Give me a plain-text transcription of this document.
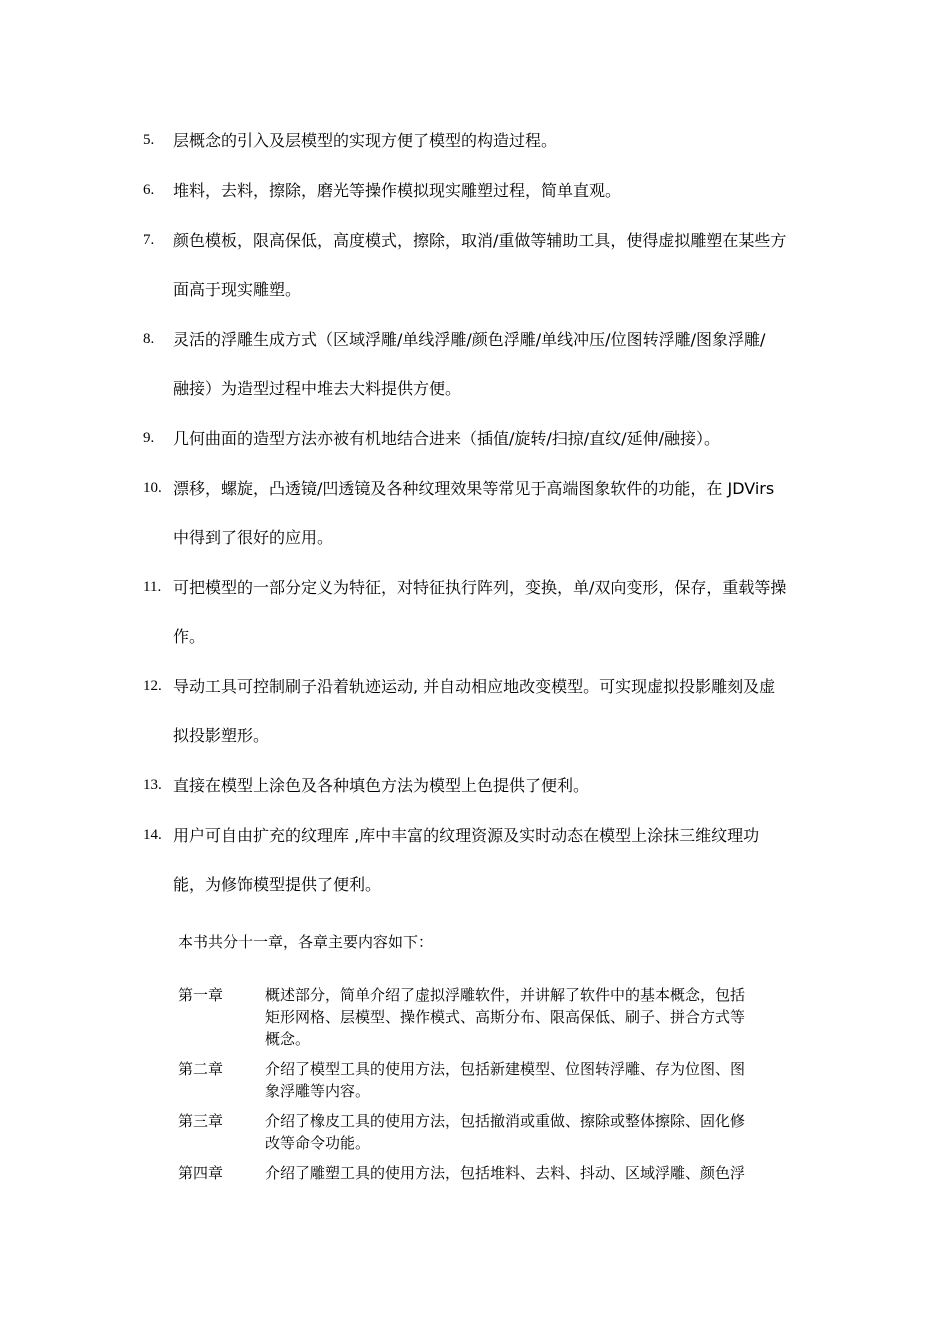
5. 层概念的引入及层模型的实现方便了模型的构造过程。
6. 堆料，去料，擦除，磨光等操作模拟现实雕塑过程，简单直观。
7. 颜色模板，限高保低，高度模式，擦除，取消/重做等辅助工具，使得虚拟雕塑在某些方
面高于现实雕塑。
8. 灵活的浮雕生成方式（区域浮雕/单线浮雕/颜色浮雕/单线冲压/位图转浮雕/图象浮雕/
融接）为造型过程中堆去大料提供方便。
9. 几何曲面的造型方法亦被有机地结合进来（插值/旋转/扫掠/直纹/延伸/融接）。
10. 漂移，螺旋，凸透镜/凹透镜及各种纹理效果等常见于高端图象软件的功能，在 JDVirs
中得到了很好的应用。
11. 可把模型的一部分定义为特征，对特征执行阵列，变换，单/双向变形，保存，重载等操
作。
12. 导动工具可控制刷子沿着轨迹运动, 并自动相应地改变模型。可实现虚拟投影雕刻及虚
拟投影塑形。
13. 直接在模型上涂色及各种填色方法为模型上色提供了便利。
14. 用户可自由扩充的纹理库 ,库中丰富的纹理资源及实时动态在模型上涂抹三维纹理功
能，为修饰模型提供了便利。
本书共分十一章，各章主要内容如下：
第一章	概述部分，简单介绍了虚拟浮雕软件，并讲解了软件中的基本概念，包括
矩形网格、层模型、操作模式、高斯分布、限高保低、刷子、拼合方式等
概念。
第二章	介绍了模型工具的使用方法，包括新建模型、位图转浮雕、存为位图、图
象浮雕等内容。
第三章	介绍了橡皮工具的使用方法，包括撤消或重做、擦除或整体擦除、固化修
改等命令功能。
第四章	介绍了雕塑工具的使用方法，包括堆料、去料、抖动、区域浮雕、颜色浮
